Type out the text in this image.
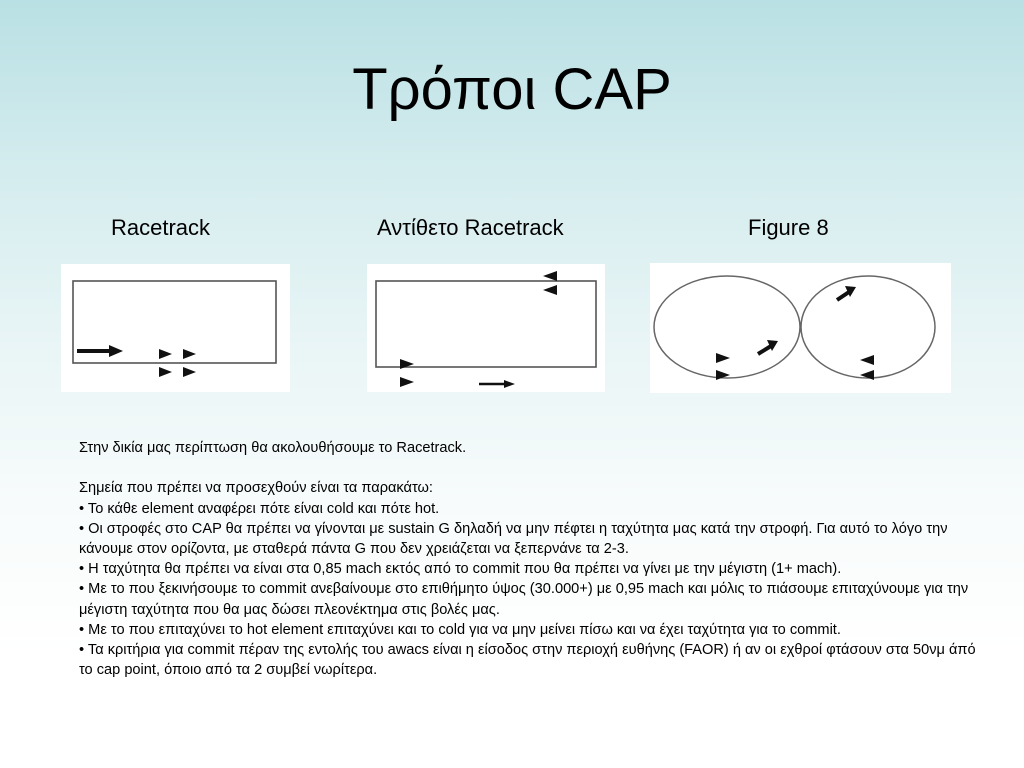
Τρόποι CAP
Racetrack	Αντίθετο Racetrack	Figure 8

Στην δικία μας περίπτωση θα ακολουθήσουμε το Racetrack.

Σημεία που πρέπει να προσεχθούν είναι τα παρακάτω:

• Το κάθε element αναφέρει πότε είναι cold και πότε hot.

• Οι στροφές στο CAP θα πρέπει να γίνονται με sustain G δηλαδή να μην πέφτει η ταχύτητα μας κατά την στροφή. Για αυτό το λόγο την κάνουμε στον ορίζοντα, με σταθερά πάντα G που δεν χρειάζεται να ξεπερνάνε τα 2-3.

• Η ταχύτητα θα πρέπει να είναι στα 0,85 mach εκτός από το commit που θα πρέπει να γίνει με την μέγιστη (1+ mach).

• Με το που ξεκινήσουμε το commit ανεβαίνουμε στο επιθήμητο ύψος (30.000+) με 0,95 mach και μόλις το πιάσουμε επιταχύνουμε για την μέγιστη ταχύτητα που θα μας δώσει πλεονέκτημα στις βολές μας.

• Με το που επιταχύνει το hot element επιταχύνει και το cold για να μην μείνει πίσω και να έχει ταχύτητα για το commit.

• Τα κριτήρια για commit πέραν της εντολής του awacs είναι η είσοδος στην περιοχή ευθήνης (FAOR) ή αν οι εχθροί φτάσουν στα 50νμ άπό το cap point, όποιο από τα 2 συμβεί νωρίτερα.
